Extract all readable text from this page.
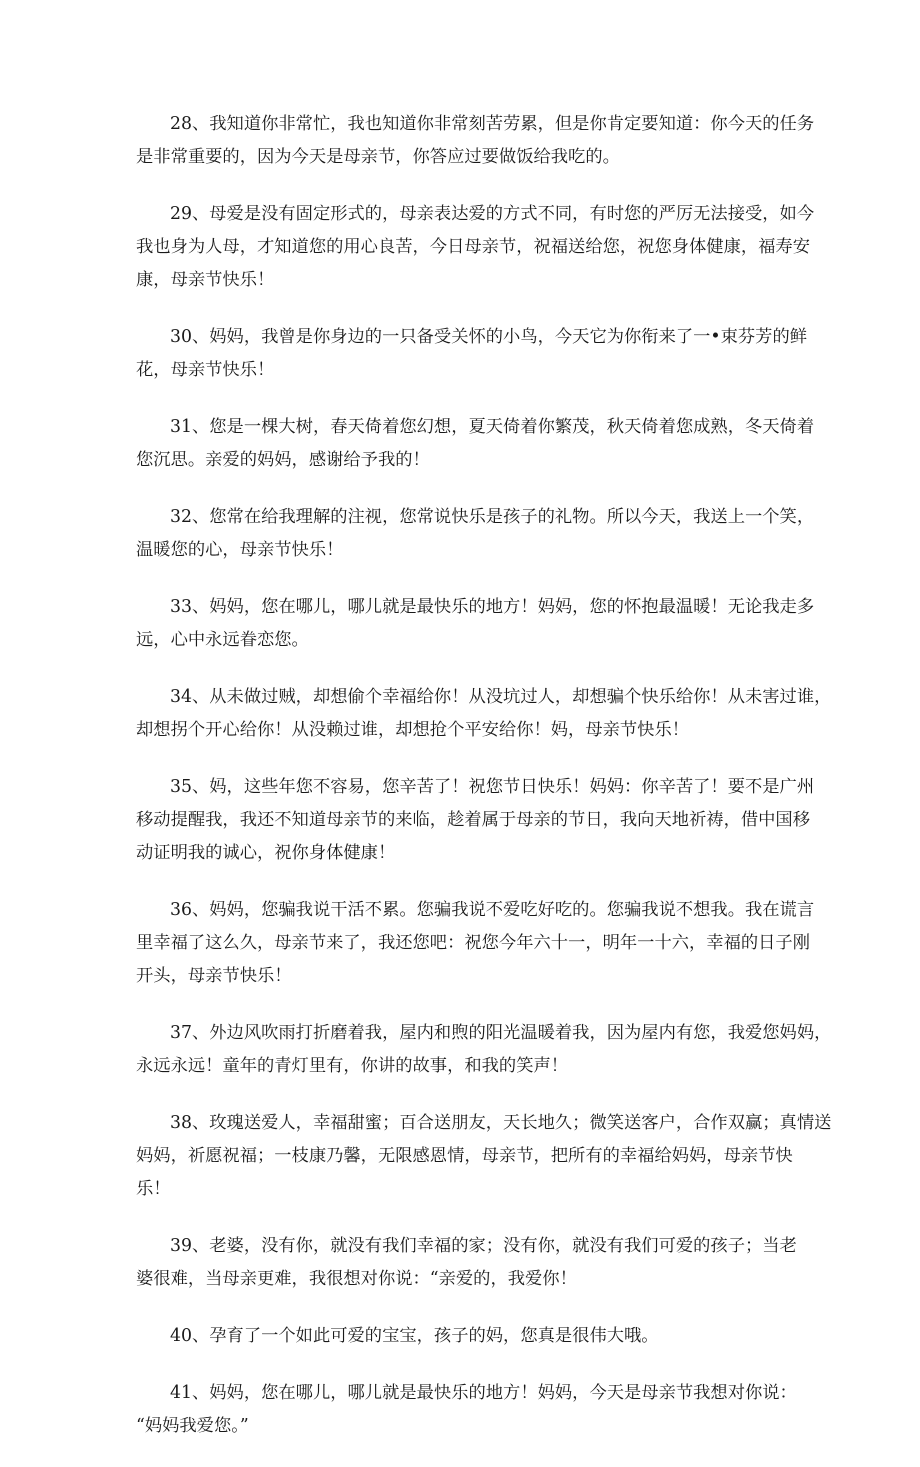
28、我知道你非常忙，我也知道你非常刻苦劳累，但是你肯定要知道：你今天的任务
是非常重要的，因为今天是母亲节，你答应过要做饭给我吃的。

29、母爱是没有固定形式的，母亲表达爱的方式不同，有时您的严厉无法接受，如今
我也身为人母，才知道您的用心良苦，今日母亲节，祝福送给您，祝您身体健康，福寿安
康，母亲节快乐！

30、妈妈，我曾是你身边的一只备受关怀的小鸟，今天它为你衔来了一•束芬芳的鲜
花，母亲节快乐！

31、您是一棵大树，春天倚着您幻想，夏天倚着你繁茂，秋天倚着您成熟，冬天倚着
您沉思。亲爱的妈妈，感谢给予我的！

32、您常在给我理解的注视，您常说快乐是孩子的礼物。所以今天，我送上一个笑，
温暖您的心，母亲节快乐！

33、妈妈，您在哪儿，哪儿就是最快乐的地方！妈妈，您的怀抱最温暖！无论我走多
远，心中永远眷恋您。

34、从未做过贼，却想偷个幸福给你！从没坑过人，却想骗个快乐给你！从未害过谁，
却想拐个开心给你！从没赖过谁，却想抢个平安给你！妈，母亲节快乐！

35、妈，这些年您不容易，您辛苦了！祝您节日快乐！妈妈：你辛苦了！要不是广州
移动提醒我，我还不知道母亲节的来临，趁着属于母亲的节日，我向天地祈祷，借中国移
动证明我的诚心，祝你身体健康！

36、妈妈，您骗我说干活不累。您骗我说不爱吃好吃的。您骗我说不想我。我在谎言
里幸福了这么久，母亲节来了，我还您吧：祝您今年六十一，明年一十六，幸福的日子刚
开头，母亲节快乐！

37、外边风吹雨打折磨着我，屋内和煦的阳光温暖着我，因为屋内有您，我爱您妈妈，
永远永远！童年的青灯里有，你讲的故事，和我的笑声！

38、玫瑰送爱人，幸福甜蜜；百合送朋友，天长地久；微笑送客户，合作双赢；真情送
妈妈，祈愿祝福；一枝康乃馨，无限感恩情，母亲节，把所有的幸福给妈妈，母亲节快
乐！

39、老婆，没有你，就没有我们幸福的家；没有你，就没有我们可爱的孩子；当老
婆很难，当母亲更难，我很想对你说：“亲爱的，我爱你！

40、孕育了一个如此可爱的宝宝，孩子的妈，您真是很伟大哦。

41、妈妈，您在哪儿，哪儿就是最快乐的地方！妈妈，今天是母亲节我想对你说：
“妈妈我爱您。”
